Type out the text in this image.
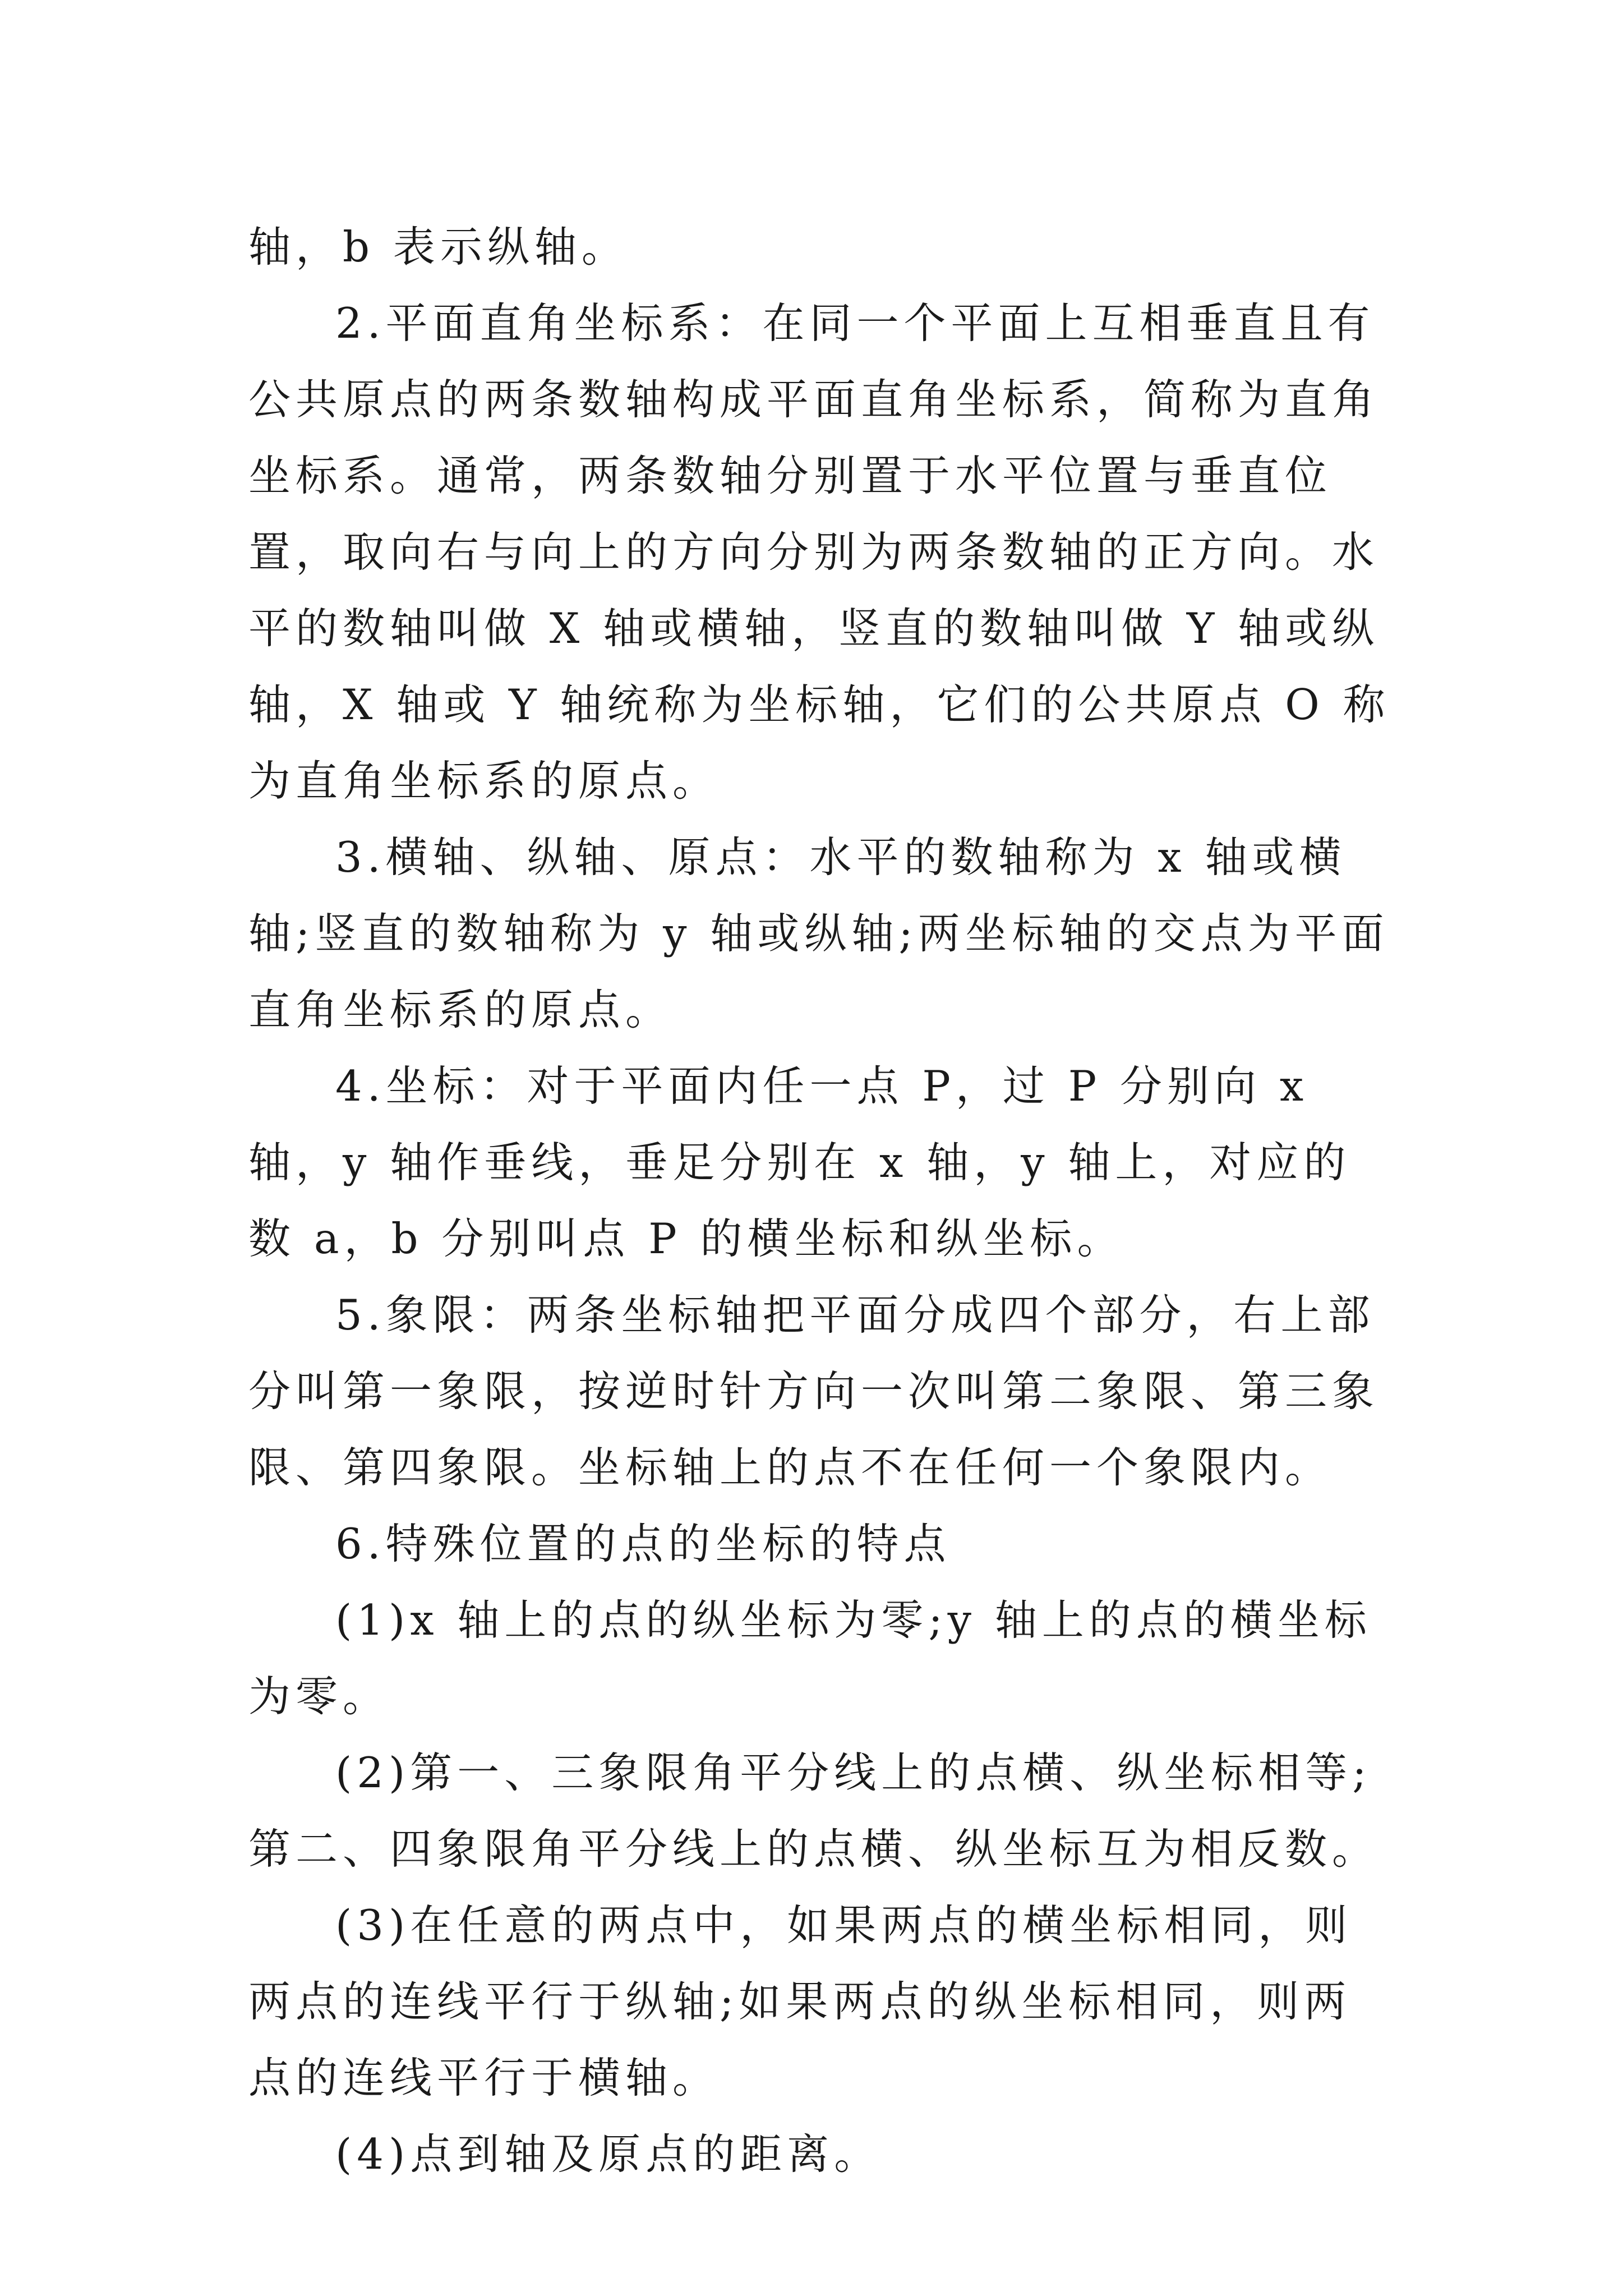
轴，b 表示纵轴。

2.平面直角坐标系：在同一个平面上互相垂直且有公共原点的两条数轴构成平面直角坐标系，简称为直角坐标系。通常，两条数轴分别置于水平位置与垂直位置，取向右与向上的方向分别为两条数轴的正方向。水平的数轴叫做 X 轴或横轴，竖直的数轴叫做 Y 轴或纵轴，X 轴或 Y 轴统称为坐标轴，它们的公共原点 O 称为直角坐标系的原点。

3.横轴、纵轴、原点：水平的数轴称为 x 轴或横轴;竖直的数轴称为 y 轴或纵轴;两坐标轴的交点为平面直角坐标系的原点。

4.坐标：对于平面内任一点 P，过 P 分别向 x 轴，y 轴作垂线，垂足分别在 x 轴，y 轴上，对应的数 a，b 分别叫点 P 的横坐标和纵坐标。

5.象限：两条坐标轴把平面分成四个部分，右上部分叫第一象限，按逆时针方向一次叫第二象限、第三象限、第四象限。坐标轴上的点不在任何一个象限内。

6.特殊位置的点的坐标的特点

(1)x 轴上的点的纵坐标为零;y 轴上的点的横坐标为零。

(2)第一、三象限角平分线上的点横、纵坐标相等;第二、四象限角平分线上的点横、纵坐标互为相反数。

(3)在任意的两点中，如果两点的横坐标相同，则两点的连线平行于纵轴;如果两点的纵坐标相同，则两点的连线平行于横轴。

(4)点到轴及原点的距离。
